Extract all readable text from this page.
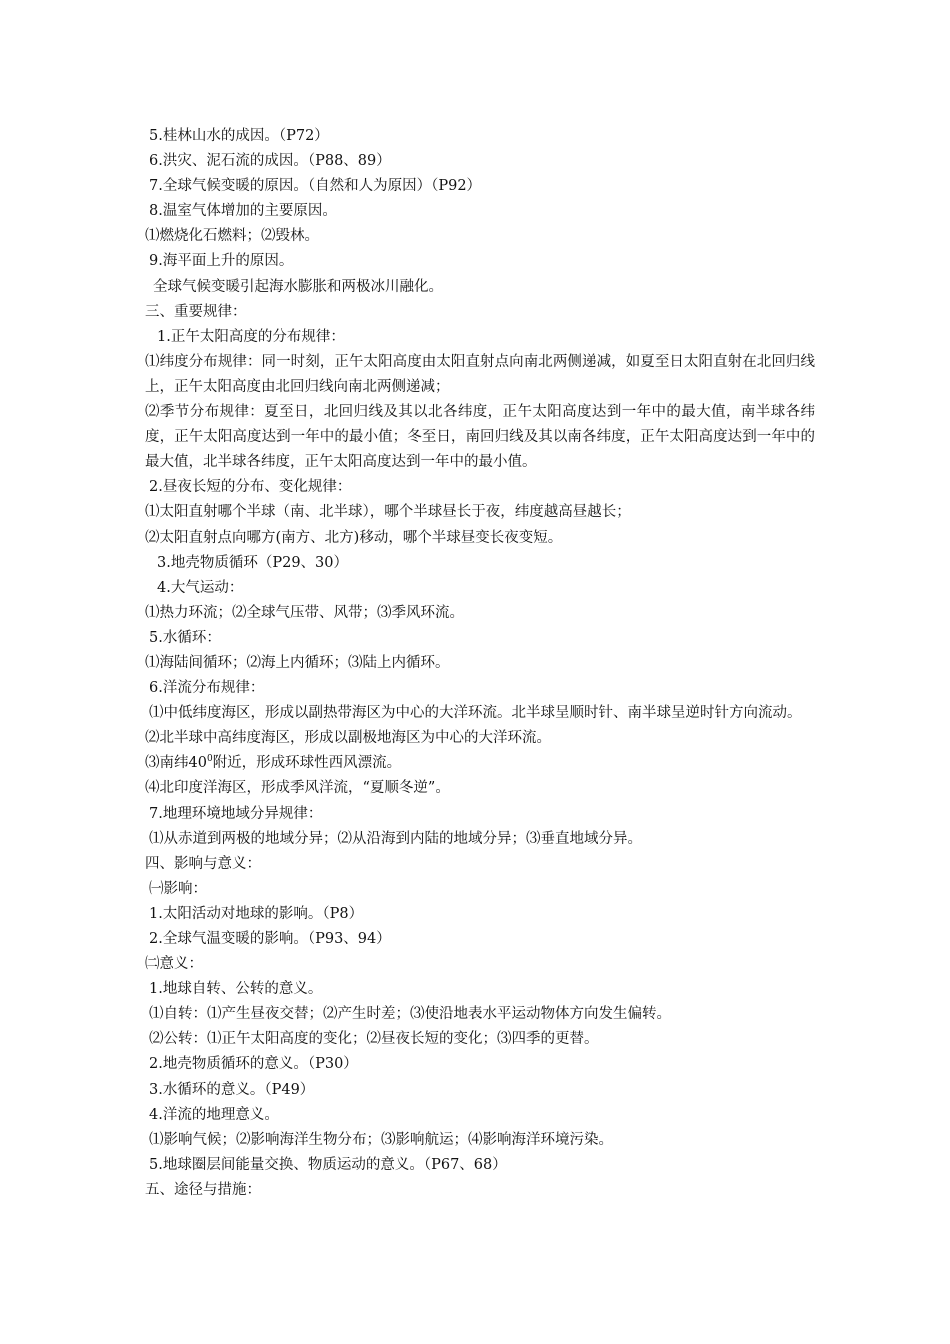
5.桂林山水的成因。（P72）
6.洪灾、泥石流的成因。（P88、89）
7.全球气候变暖的原因。（自然和人为原因）（P92）
8.温室气体增加的主要原因。
⑴燃烧化石燃料；⑵毁林。
9.海平面上升的原因。
全球气候变暖引起海水膨胀和两极冰川融化。
三、重要规律：
1.正午太阳高度的分布规律：
⑴纬度分布规律：同一时刻，正午太阳高度由太阳直射点向南北两侧递减，如夏至日太阳直射在北回归线上，正午太阳高度由北回归线向南北两侧递减；
⑵季节分布规律：夏至日，北回归线及其以北各纬度，正午太阳高度达到一年中的最大值，南半球各纬度，正午太阳高度达到一年中的最小值；冬至日，南回归线及其以南各纬度，正午太阳高度达到一年中的最大值，北半球各纬度，正午太阳高度达到一年中的最小值。
2.昼夜长短的分布、变化规律：
⑴太阳直射哪个半球（南、北半球），哪个半球昼长于夜，纬度越高昼越长；
⑵太阳直射点向哪方(南方、北方)移动，哪个半球昼变长夜变短。
3.地壳物质循环（P29、30）
4.大气运动：
⑴热力环流；⑵全球气压带、风带；⑶季风环流。
5.水循环：
⑴海陆间循环；⑵海上内循环；⑶陆上内循环。
6.洋流分布规律：
⑴中低纬度海区，形成以副热带海区为中心的大洋环流。北半球呈顺时针、南半球呈逆时针方向流动。
⑵北半球中高纬度海区，形成以副极地海区为中心的大洋环流。
⑶南纬$40^0$附近，形成环球性西风漂流。
⑷北印度洋海区，形成季风洋流，“夏顺冬逆”。
7.地理环境地域分异规律：
⑴从赤道到两极的地域分异；⑵从沿海到内陆的地域分异；⑶垂直地域分异。
四、影响与意义：
㈠影响：
1.太阳活动对地球的影响。（P8）
2.全球气温变暖的影响。（P93、94）
㈡意义：
1.地球自转、公转的意义。
⑴自转：⑴产生昼夜交替；⑵产生时差；⑶使沿地表水平运动物体方向发生偏转。
⑵公转：⑴正午太阳高度的变化；⑵昼夜长短的变化；⑶四季的更替。
2.地壳物质循环的意义。（P30）
3.水循环的意义。（P49）
4.洋流的地理意义。
⑴影响气候；⑵影响海洋生物分布；⑶影响航运；⑷影响海洋环境污染。
5.地球圈层间能量交换、物质运动的意义。（P67、68）
五、途径与措施：
